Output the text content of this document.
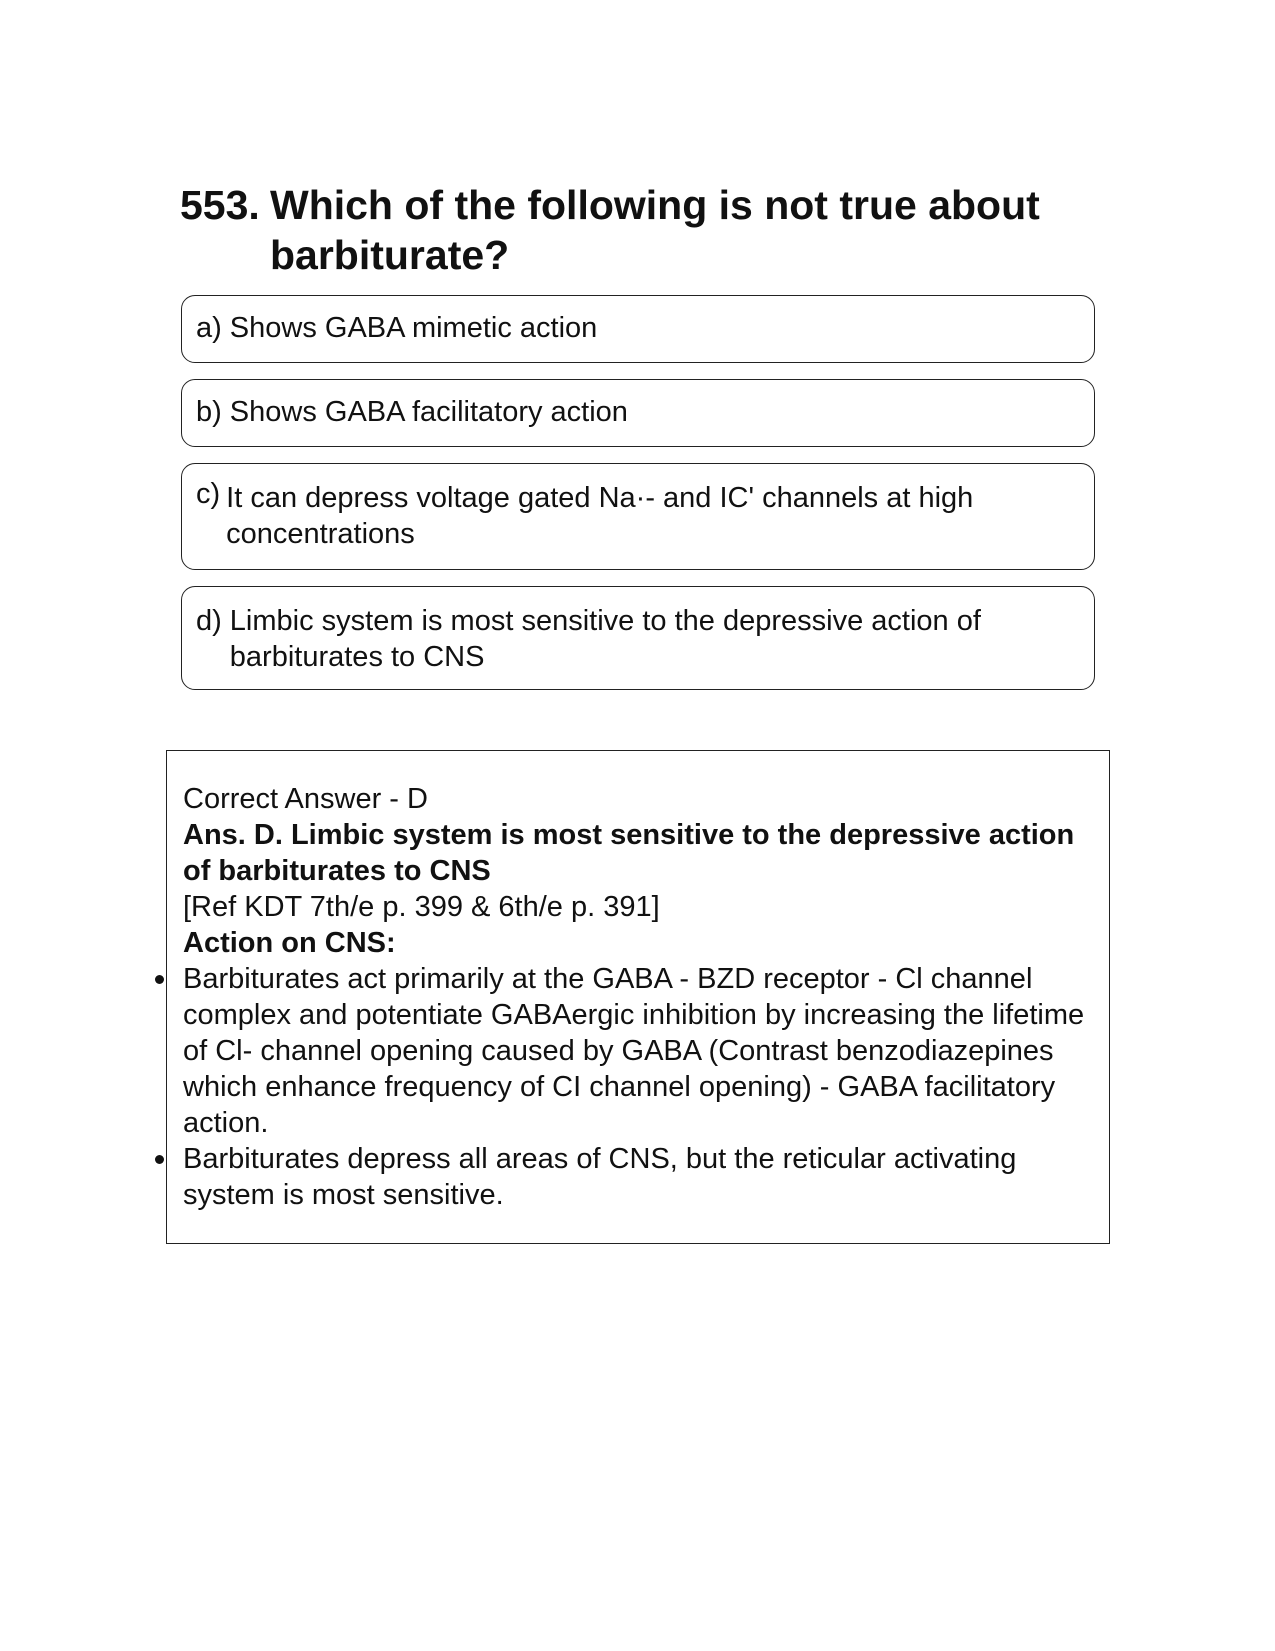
553. Which of the following is not true about barbiturate?
a) Shows GABA mimetic action
b) Shows GABA facilitatory action
c) It can depress voltage gated Na·- and IC' channels at high concentrations
d) Limbic system is most sensitive to the depressive action of barbiturates to CNS

Correct Answer - D

Ans. D. Limbic system is most sensitive to the depressive action of barbiturates to CNS

[Ref KDT 7th/e p. 399 & 6th/e p. 391]

Action on CNS:

Barbiturates act primarily at the GABA - BZD receptor - Cl channel complex and potentiate GABAergic inhibition by increasing the lifetime of Cl- channel opening caused by GABA (Contrast benzodiazepines which enhance frequency of CI channel opening) - GABA facilitatory action.
Barbiturates depress all areas of CNS, but the reticular activating system is most sensitive.
